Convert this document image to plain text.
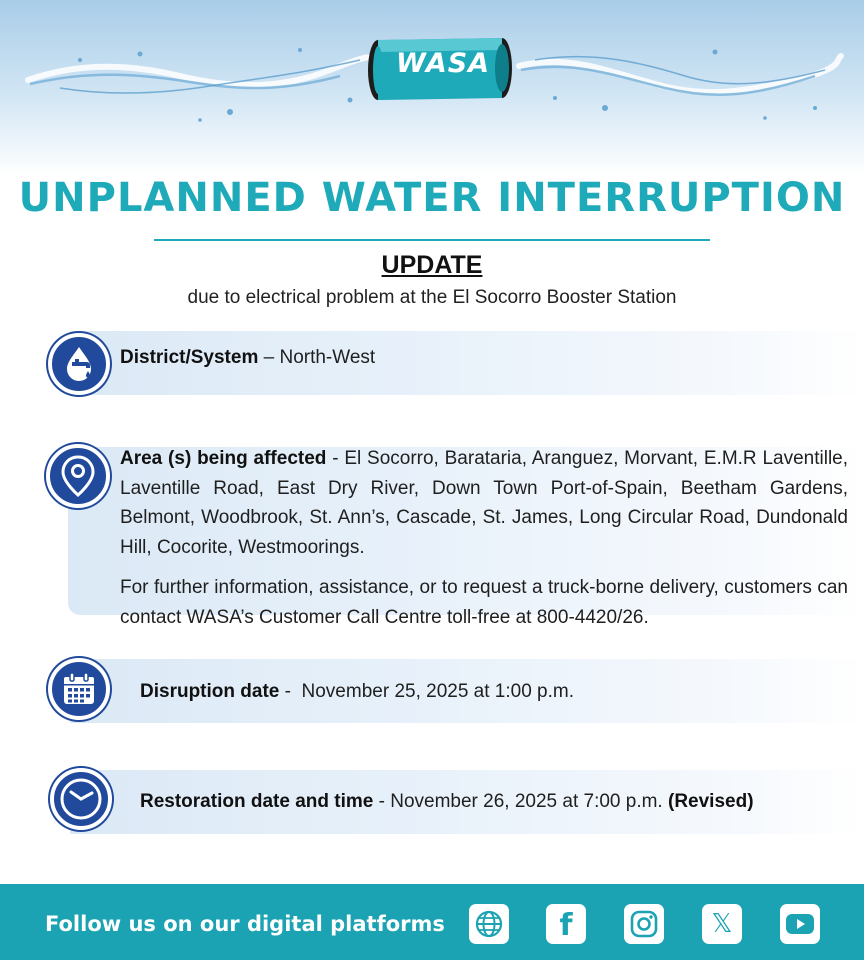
WASA
UNPLANNED WATER INTERRUPTION
UPDATE
due to electrical problem at the El Socorro Booster Station
District/System – North-West
Area (s) being affected - El Socorro, Barataria, Aranguez, Morvant, E.M.R Laventille, Laventille Road, East Dry River, Down Town Port-of-Spain, Beetham Gardens, Belmont, Woodbrook, St. Ann’s, Cascade, St. James, Long Circular Road, Dundonald Hill, Cocorite, Westmoorings.
For further information, assistance, or to request a truck-borne delivery, customers can contact WASA’s Customer Call Centre toll-free at 800-4420/26.
Disruption date -  November 25, 2025 at 1:00 p.m.
Restoration date and time - November 26, 2025 at 7:00 p.m. (Revised)
Follow us on our digital platforms	f	𝕏
